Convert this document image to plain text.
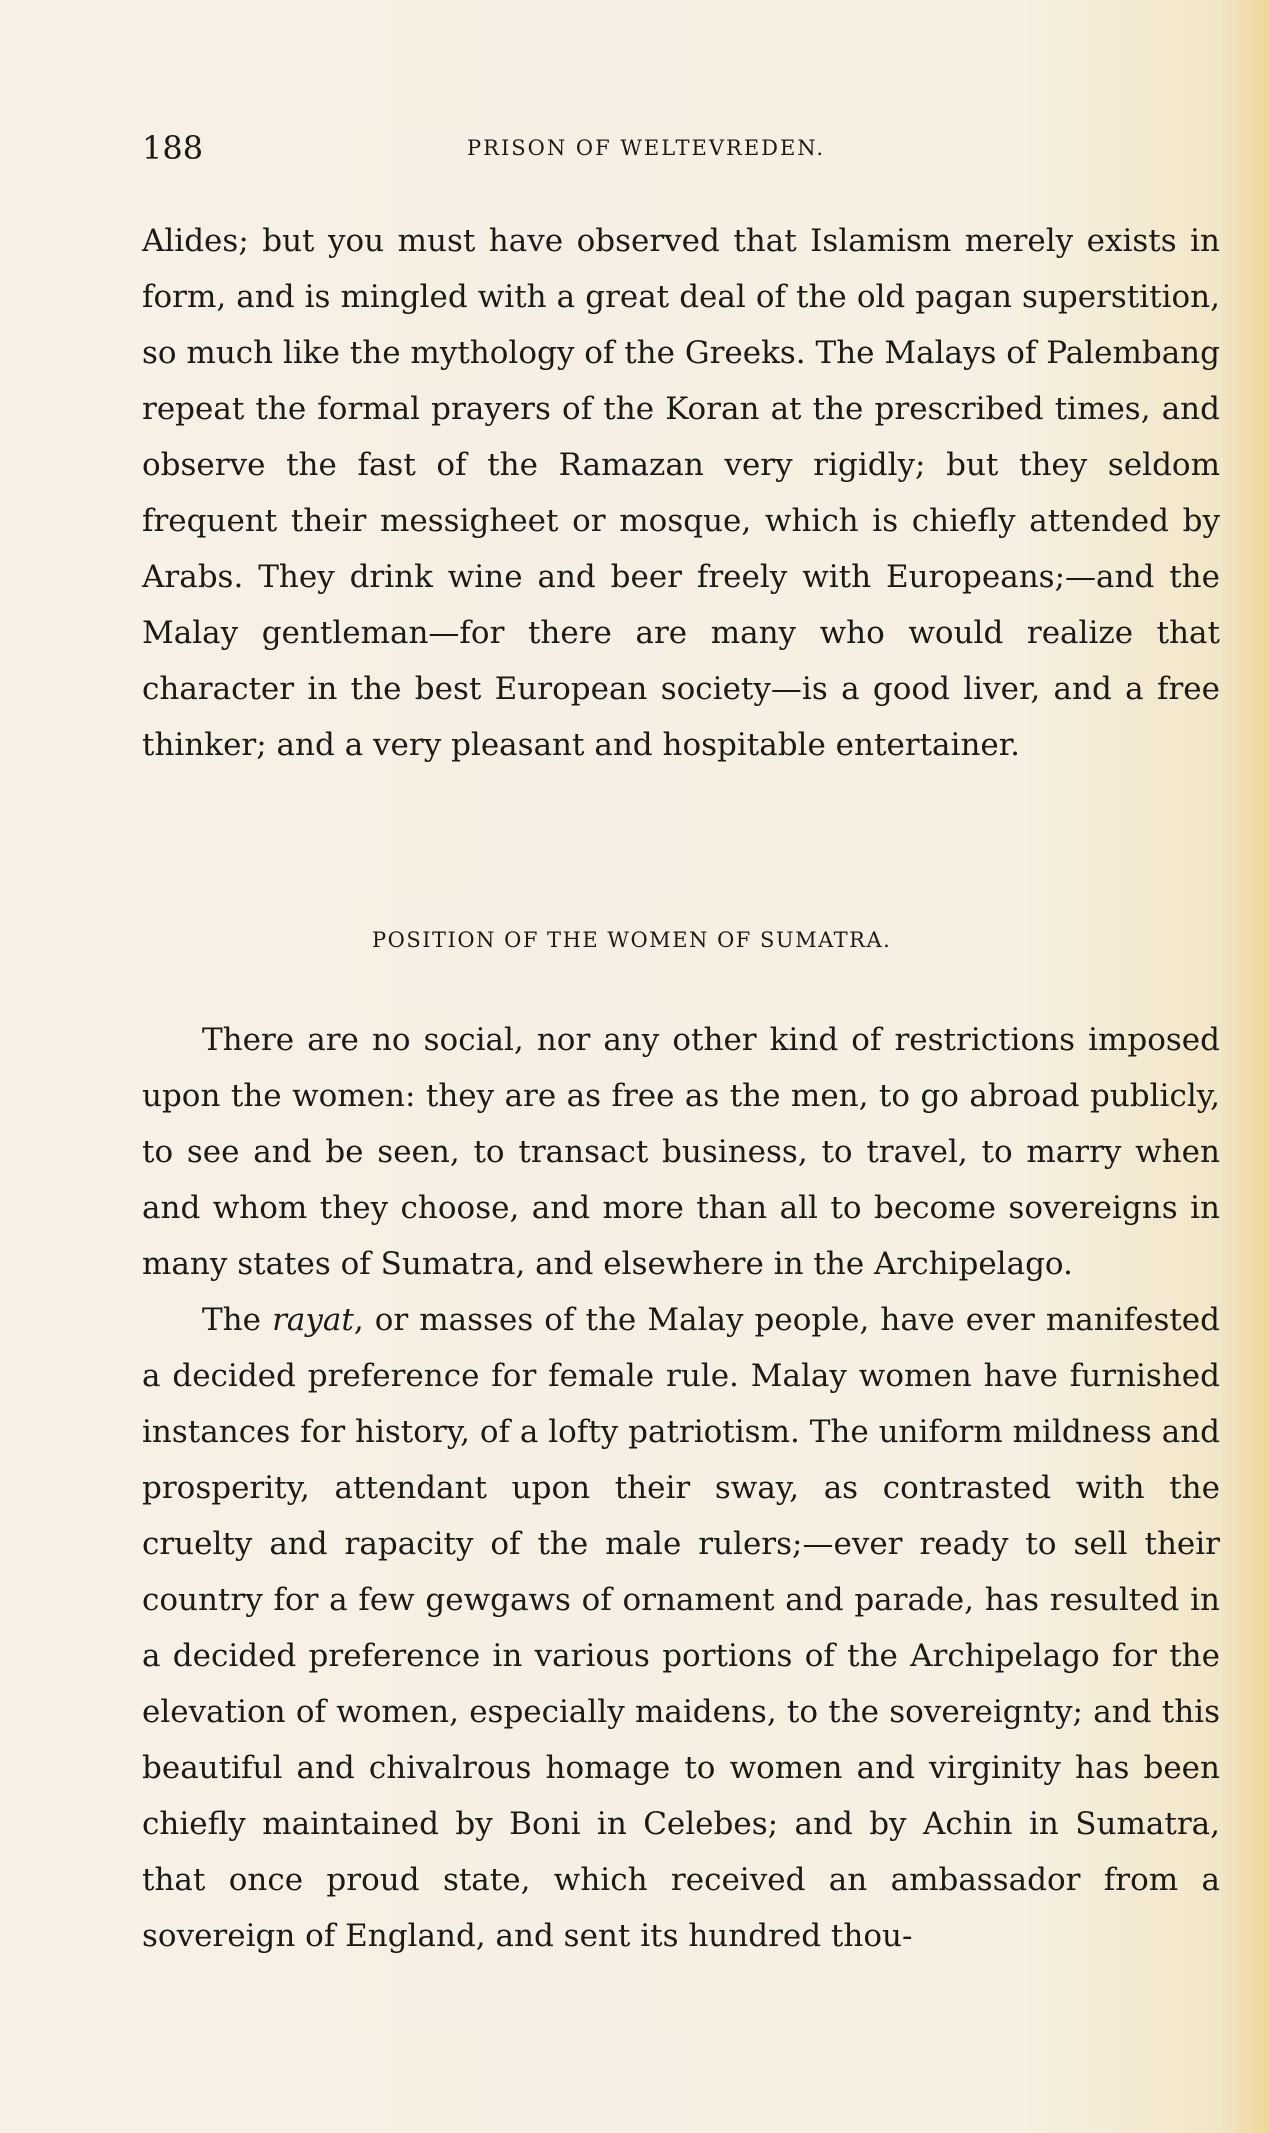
188	PRISON OF WELTEVREDEN.

Alides; but you must have observed that Islamism merely exists in form, and is mingled with a great deal of the old pagan superstition, so much like the mythology of the Greeks. The Malays of Palembang repeat the formal prayers of the Koran at the prescribed times, and observe the fast of the Ramazan very rigidly; but they seldom frequent their messigheet or mosque, which is chiefly attended by Arabs. They drink wine and beer freely with Europeans;—and the Malay gentleman—for there are many who would realize that character in the best European society—is a good liver, and a free thinker; and a very pleasant and hospitable entertainer.

POSITION OF THE WOMEN OF SUMATRA.

There are no social, nor any other kind of restrictions imposed upon the women: they are as free as the men, to go abroad publicly, to see and be seen, to transact business, to travel, to marry when and whom they choose, and more than all to become sovereigns in many states of Sumatra, and elsewhere in the Archipelago.

The rayat, or masses of the Malay people, have ever manifested a decided preference for female rule. Malay women have furnished instances for history, of a lofty patriotism. The uniform mildness and prosperity, attendant upon their sway, as contrasted with the cruelty and rapacity of the male rulers;—ever ready to sell their country for a few gewgaws of ornament and parade, has resulted in a decided preference in various portions of the Archipelago for the elevation of women, especially maidens, to the sovereignty; and this beautiful and chivalrous homage to women and virginity has been chiefly maintained by Boni in Celebes; and by Achin in Sumatra, that once proud state, which received an ambassador from a sovereign of England, and sent its hundred thou-
